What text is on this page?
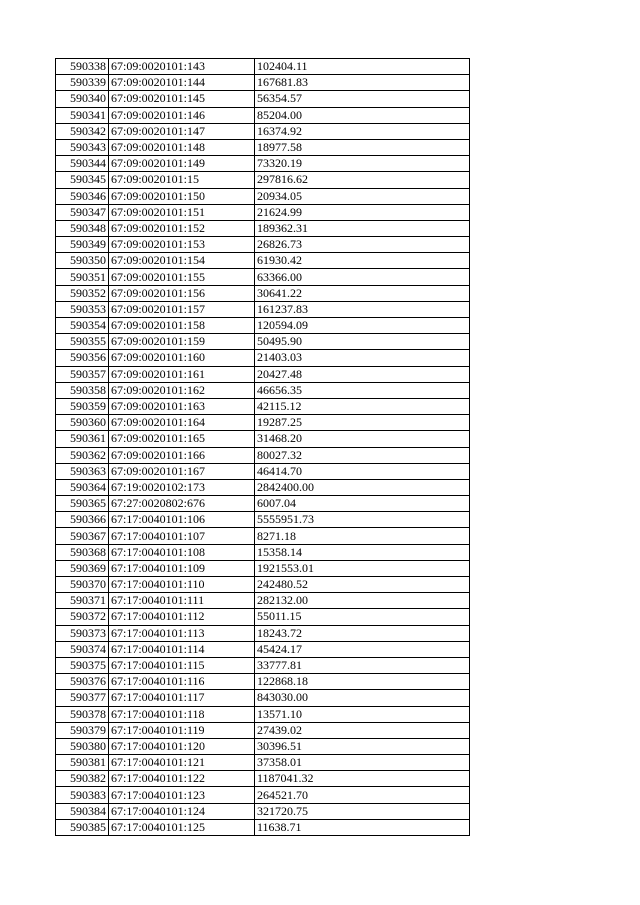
590338	67:09:0020101:143	102404.11
590339	67:09:0020101:144	167681.83
590340	67:09:0020101:145	56354.57
590341	67:09:0020101:146	85204.00
590342	67:09:0020101:147	16374.92
590343	67:09:0020101:148	18977.58
590344	67:09:0020101:149	73320.19
590345	67:09:0020101:15	297816.62
590346	67:09:0020101:150	20934.05
590347	67:09:0020101:151	21624.99
590348	67:09:0020101:152	189362.31
590349	67:09:0020101:153	26826.73
590350	67:09:0020101:154	61930.42
590351	67:09:0020101:155	63366.00
590352	67:09:0020101:156	30641.22
590353	67:09:0020101:157	161237.83
590354	67:09:0020101:158	120594.09
590355	67:09:0020101:159	50495.90
590356	67:09:0020101:160	21403.03
590357	67:09:0020101:161	20427.48
590358	67:09:0020101:162	46656.35
590359	67:09:0020101:163	42115.12
590360	67:09:0020101:164	19287.25
590361	67:09:0020101:165	31468.20
590362	67:09:0020101:166	80027.32
590363	67:09:0020101:167	46414.70
590364	67:19:0020102:173	2842400.00
590365	67:27:0020802:676	6007.04
590366	67:17:0040101:106	5555951.73
590367	67:17:0040101:107	8271.18
590368	67:17:0040101:108	15358.14
590369	67:17:0040101:109	1921553.01
590370	67:17:0040101:110	242480.52
590371	67:17:0040101:111	282132.00
590372	67:17:0040101:112	55011.15
590373	67:17:0040101:113	18243.72
590374	67:17:0040101:114	45424.17
590375	67:17:0040101:115	33777.81
590376	67:17:0040101:116	122868.18
590377	67:17:0040101:117	843030.00
590378	67:17:0040101:118	13571.10
590379	67:17:0040101:119	27439.02
590380	67:17:0040101:120	30396.51
590381	67:17:0040101:121	37358.01
590382	67:17:0040101:122	1187041.32
590383	67:17:0040101:123	264521.70
590384	67:17:0040101:124	321720.75
590385	67:17:0040101:125	11638.71
